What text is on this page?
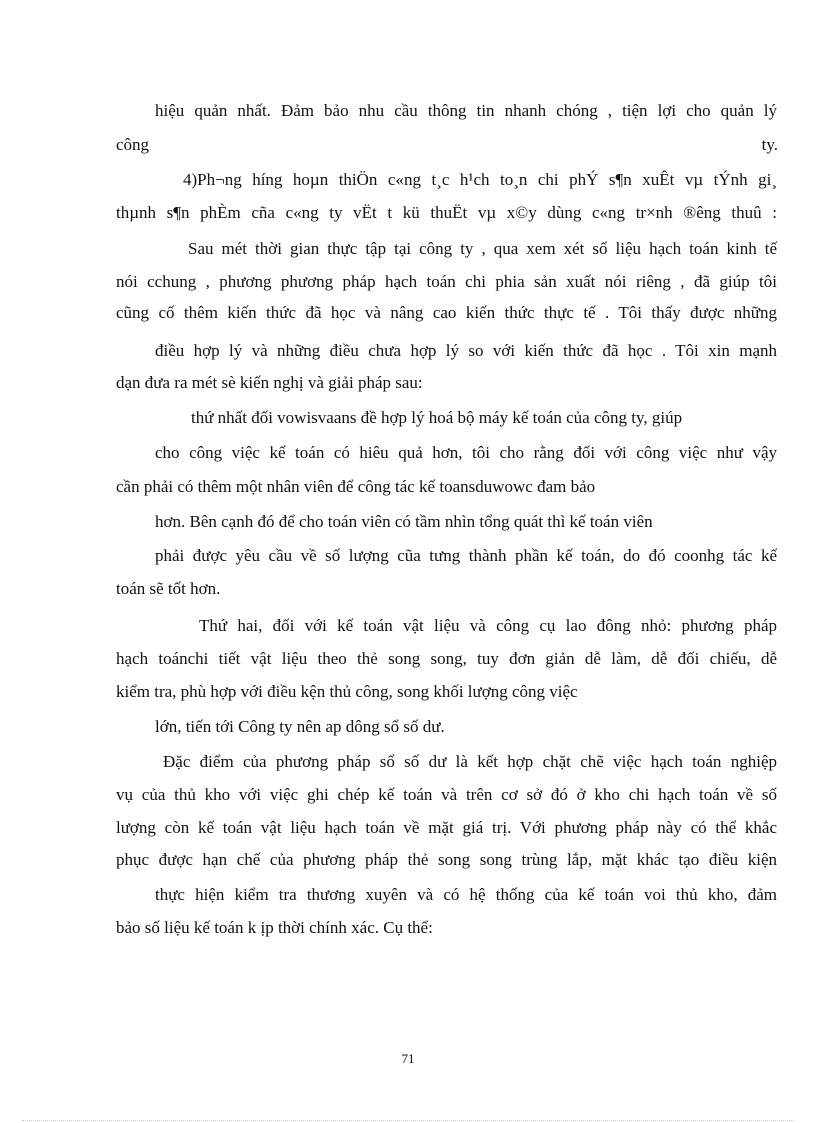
hiệu quản nhất. Đảm bảo nhu cầu thông tin nhanh chóng , tiện lợi cho quản lý
công	ty.
4)Ph¬ng híng hoµn thiÖn c«ng t¸c h¹ch to¸n chi phÝ s¶n xuÊt vµ tÝnh gi¸
thµnh s¶n phÈm cña c«ng ty vËt t kü thuËt vµ x©y dùng c«ng tr×nh ®êng thuû :
Sau mét thời gian thực tập tại công ty , qua xem xét số liệu hạch toán kinh tế
nói cchung , phương phương pháp hạch toán chi phia sản xuất nói riêng , đã giúp tôi
cũng cố thêm kiến thức đã học và nâng cao kiến thức thực tế . Tôi thấy được những
điều hợp lý và những điều chưa hợp lý so với kiến thức đã học . Tôi xin mạnh
dạn đưa ra mét sè kiến nghị và giải pháp sau:
thứ nhất đối vowisvaans đề hợp lý hoá bộ máy kế toán của công ty, giúp
cho công việc kế toán có hiêu quả hơn, tôi cho rằng đối với công việc như vậy
cần phải có thêm một nhân viên để công tác kế toansduwowc đam bảo
hơn. Bên cạnh đó để cho toán viên có tầm nhìn tổng quát thì kế toán viên
phải được yêu cầu về số lượng cũa tưng thành phần kế toán, do đó coonhg tác kế
toán sẽ tốt hơn.
Thứ hai, đối với kế toán vật liệu và công cụ lao đông nhỏ: phương pháp
hạch toánchi tiết vật liệu theo thẻ song song, tuy đơn giản dễ làm, dễ đối chiếu, dễ
kiểm tra, phù hợp với điều kện thủ công, song khối lượng công việc
lớn, tiến tới Công ty nên ap dông sổ số dư.
Đặc điểm của phương pháp sổ số dư là kết hợp chặt chẽ việc hạch toán nghiệp
vụ của thủ kho với việc ghi chép kế toán và trên cơ sở đó ở kho chi hạch toán về số
lượng còn kế toán vật liệu hạch toán về mặt giá trị. Với phương pháp này có thể khắc
phục được hạn chế của phương pháp thẻ song song trùng lắp, mặt khác tạo điều kiện
thực hiện kiểm tra thương xuyên và có hệ thống của kế toán voi thủ kho, đảm
bảo số liệu kế toán k ịp thời chính xác. Cụ thể:
71
